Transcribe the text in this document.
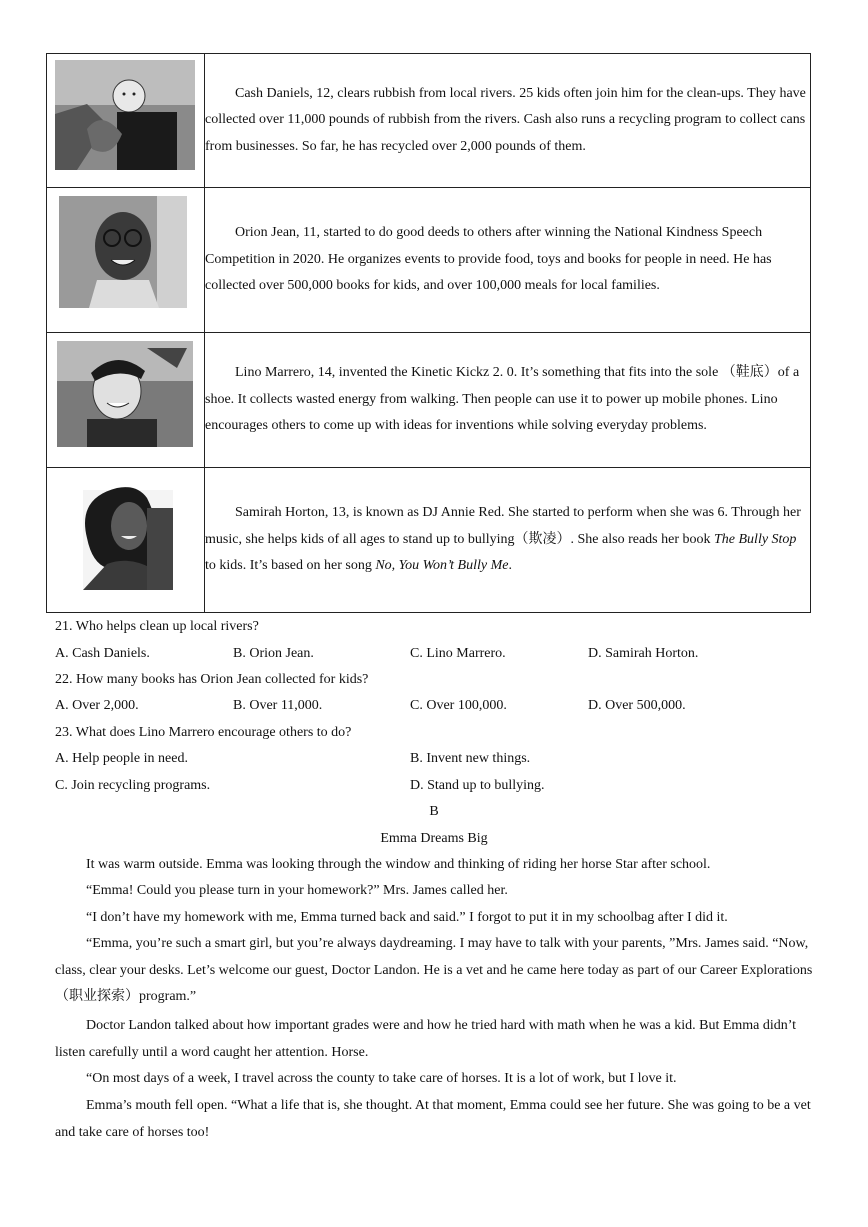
Cash Daniels, 12, clears rubbish from local rivers. 25 kids often join him for the clean-ups. They have collected over 11,000 pounds of rubbish from the rivers. Cash also runs a recycling program to collect cans from businesses. So far, he has recycled over 2,000 pounds of them.

Orion Jean, 11, started to do good deeds to others after winning the National Kindness Speech Competition in 2020. He organizes events to provide food, toys and books for people in need. He has collected over 500,000 books for kids, and over 100,000 meals for local families.

Lino Marrero, 14, invented the Kinetic Kickz 2. 0. It’s something that fits into the sole （鞋底）of a shoe. It collects wasted energy from walking. Then people can use it to power up mobile phones. Lino encourages others to come up with ideas for inventions while solving everyday problems.

Samirah Horton, 13, is known as DJ Annie Red. She started to perform when she was 6. Through her music, she helps kids of all ages to stand up to bullying（欺凌）. She also reads her book The Bully Stop to kids. It’s based on her song No, You Won’t Bully Me.

21. Who helps clean up local rivers?
A. Cash Daniels.	B. Orion Jean.	C. Lino Marrero.	D. Samirah Horton.
22. How many books has Orion Jean collected for kids?
A. Over 2,000.	B. Over 11,000.	C. Over 100,000.	D. Over 500,000.
23. What does Lino Marrero encourage others to do?
A. Help people in need.	B. Invent new things.
C. Join recycling programs.	D. Stand up to bullying.
B
Emma Dreams Big

It was warm outside. Emma was looking through the window and thinking of riding her horse Star after school.

“Emma! Could you please turn in your homework?” Mrs. James called her.

“I don’t have my homework with me, Emma turned back and said.” I forgot to put it in my schoolbag after I did it.

“Emma, you’re such a smart girl, but you’re always daydreaming. I may have to talk with your parents, ”Mrs. James said. “Now, class, clear your desks. Let’s welcome our guest, Doctor Landon. He is a vet and he came here today as part of our Career Explorations（职业探索）program.”

Doctor Landon talked about how important grades were and how he tried hard with math when he was a kid. But Emma didn’t listen carefully until a word caught her attention. Horse.

“On most days of a week, I travel across the county to take care of horses. It is a lot of work, but I love it.

Emma’s mouth fell open. “What a life that is, she thought. At that moment, Emma could see her future. She was going to be a vet and take care of horses too!
